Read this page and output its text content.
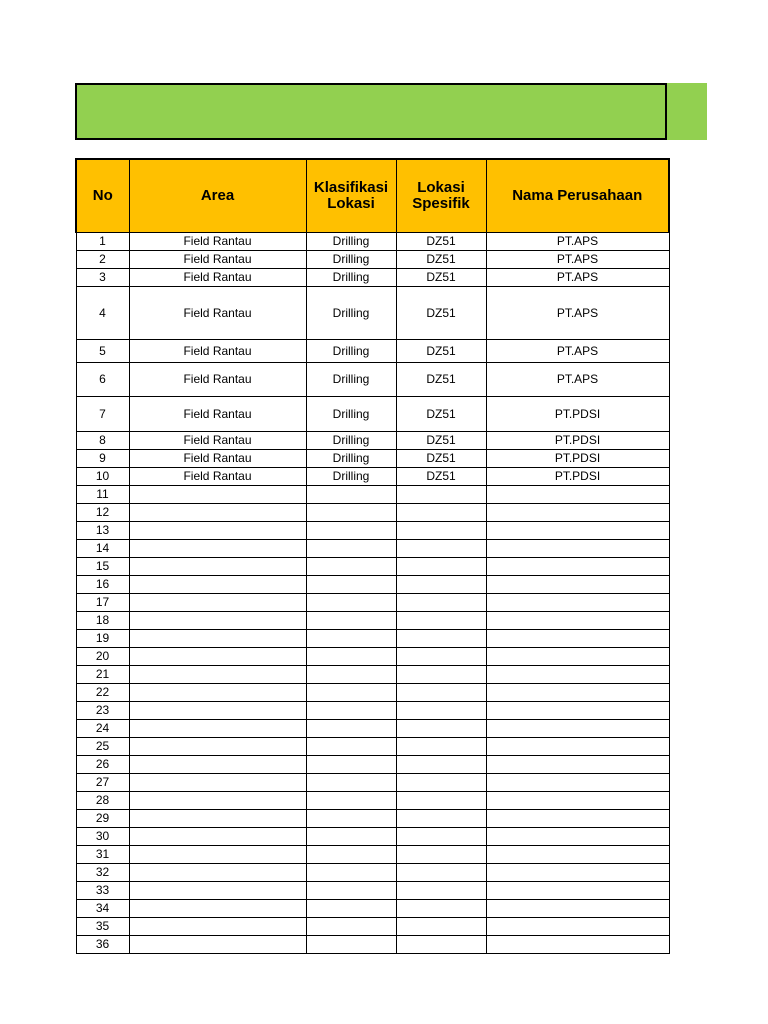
No	Area	Klasifikasi Lokasi	Lokasi Spesifik	Nama Perusahaan
1	Field Rantau	Drilling	DZ51	PT.APS
2	Field Rantau	Drilling	DZ51	PT.APS
3	Field Rantau	Drilling	DZ51	PT.APS
4	Field Rantau	Drilling	DZ51	PT.APS
5	Field Rantau	Drilling	DZ51	PT.APS
6	Field Rantau	Drilling	DZ51	PT.APS
7	Field Rantau	Drilling	DZ51	PT.PDSI
8	Field Rantau	Drilling	DZ51	PT.PDSI
9	Field Rantau	Drilling	DZ51	PT.PDSI
10	Field Rantau	Drilling	DZ51	PT.PDSI
11				
12				
13				
14				
15				
16				
17				
18				
19				
20				
21				
22				
23				
24				
25				
26				
27				
28				
29				
30				
31				
32				
33				
34				
35				
36				
